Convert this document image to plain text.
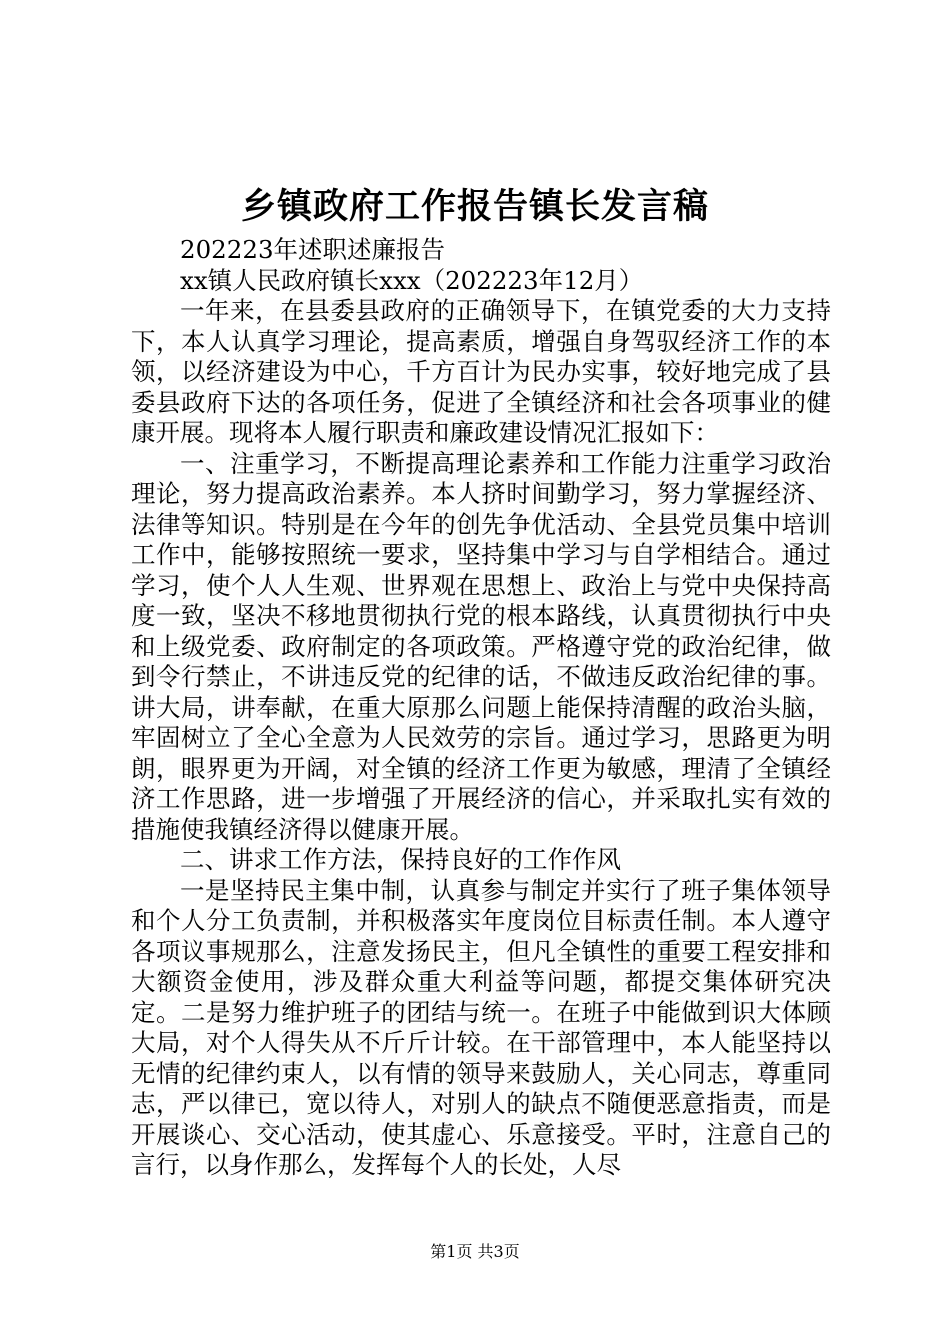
乡镇政府工作报告镇长发言稿

202223年述职述廉报告

xx镇人民政府镇长xxx（202223年12月）

一年来，在县委县政府的正确领导下，在镇党委的大力支持下，本人认真学习理论，提高素质，增强自身驾驭经济工作的本领，以经济建设为中心，千方百计为民办实事，较好地完成了县委县政府下达的各项任务，促进了全镇经济和社会各项事业的健康开展。现将本人履行职责和廉政建设情况汇报如下：

一、注重学习，不断提高理论素养和工作能力注重学习政治理论，努力提高政治素养。本人挤时间勤学习，努力掌握经济、法律等知识。特别是在今年的创先争优活动、全县党员集中培训工作中，能够按照统一要求，坚持集中学习与自学相结合。通过学习，使个人人生观、世界观在思想上、政治上与党中央保持高度一致，坚决不移地贯彻执行党的根本路线，认真贯彻执行中央和上级党委、政府制定的各项政策。严格遵守党的政治纪律，做到令行禁止，不讲违反党的纪律的话，不做违反政治纪律的事。讲大局，讲奉献，在重大原那么问题上能保持清醒的政治头脑，牢固树立了全心全意为人民效劳的宗旨。通过学习，思路更为明朗，眼界更为开阔，对全镇的经济工作更为敏感，理清了全镇经济工作思路，进一步增强了开展经济的信心，并采取扎实有效的措施使我镇经济得以健康开展。

二、讲求工作方法，保持良好的工作作风

一是坚持民主集中制，认真参与制定并实行了班子集体领导和个人分工负责制，并积极落实年度岗位目标责任制。本人遵守各项议事规那么，注意发扬民主，但凡全镇性的重要工程安排和大额资金使用，涉及群众重大利益等问题，都提交集体研究决定。二是努力维护班子的团结与统一。在班子中能做到识大体顾大局，对个人得失从不斤斤计较。在干部管理中，本人能坚持以无情的纪律约束人，以有情的领导来鼓励人，关心同志，尊重同志，严以律已，宽以待人，对别人的缺点不随便恶意指责，而是开展谈心、交心活动，使其虚心、乐意接受。平时，注意自己的言行，以身作那么，发挥每个人的长处，人尽

第1页 共3页
